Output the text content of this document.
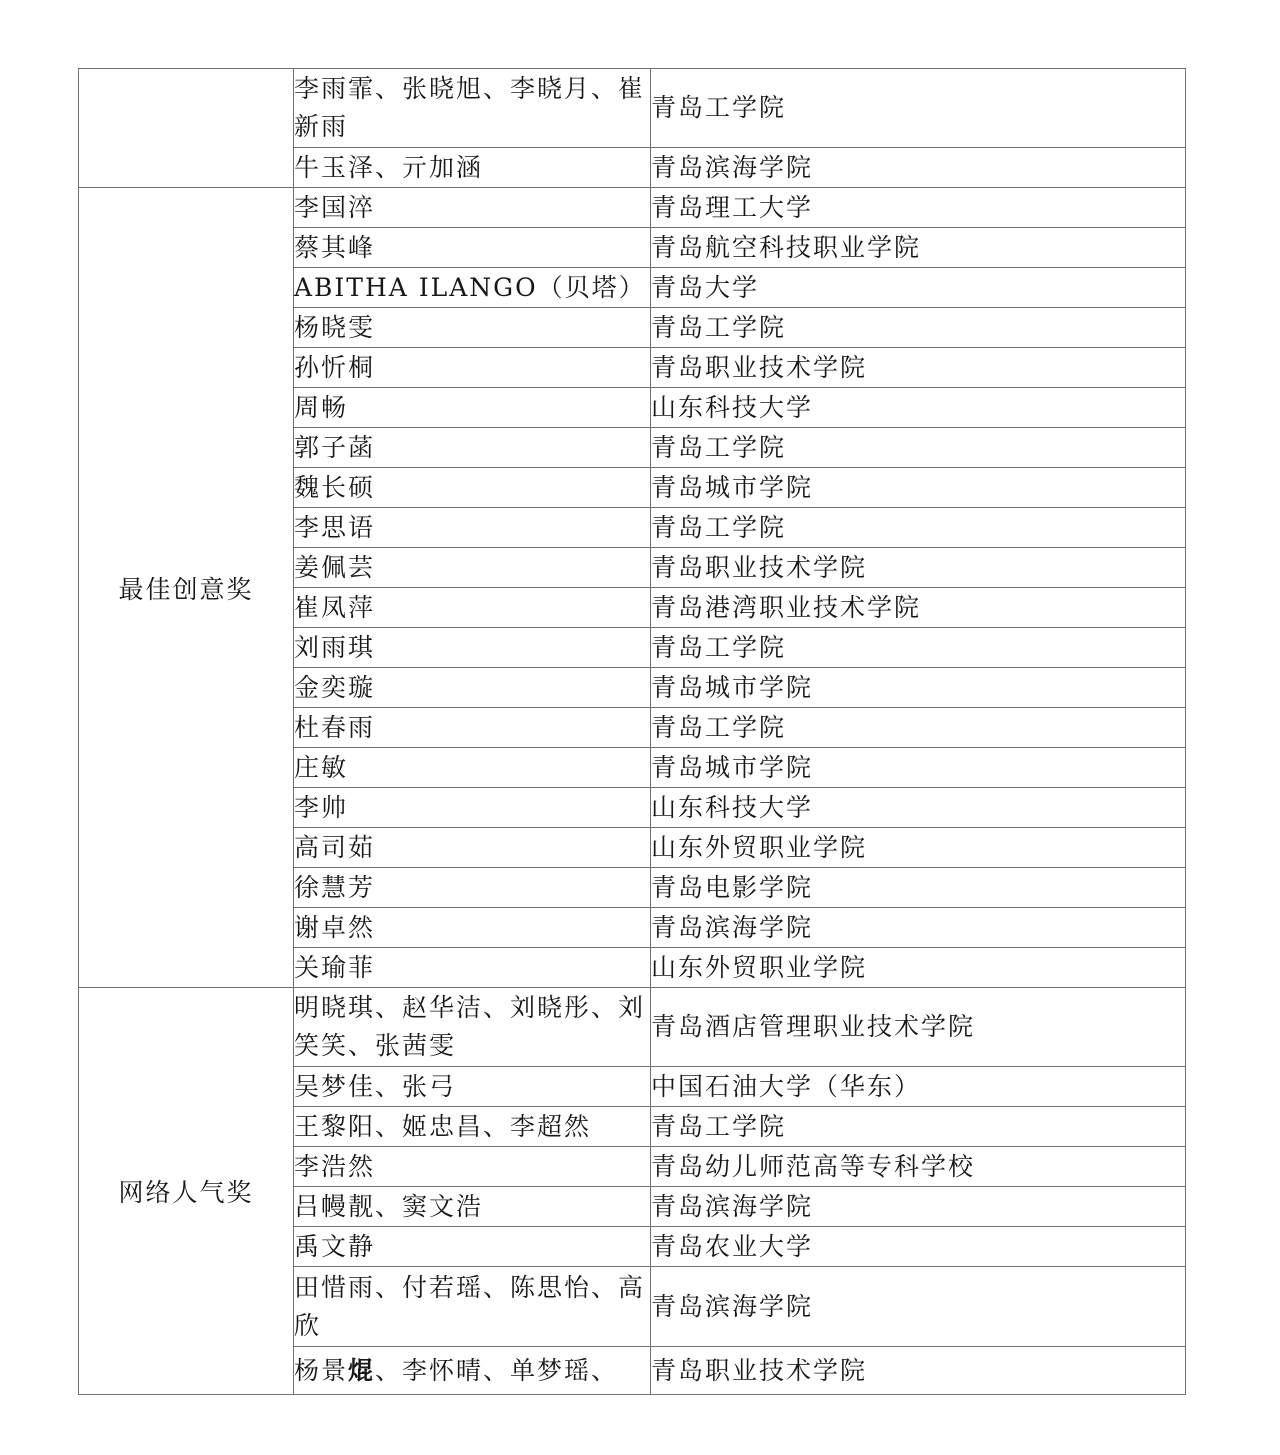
	李雨霏、张晓旭、李晓月、崔新雨	青岛工学院
	牛玉泽、亓加涵	青岛滨海学院
最佳创意奖	李国淬	青岛理工大学
	蔡其峰	青岛航空科技职业学院
	ABITHA ILANGO（贝塔）	青岛大学
	杨晓雯	青岛工学院
	孙忻桐	青岛职业技术学院
	周畅	山东科技大学
	郭子菡	青岛工学院
	魏长硕	青岛城市学院
	李思语	青岛工学院
	姜佩芸	青岛职业技术学院
	崔凤萍	青岛港湾职业技术学院
	刘雨琪	青岛工学院
	金奕璇	青岛城市学院
	杜春雨	青岛工学院
	庄敏	青岛城市学院
	李帅	山东科技大学
	高司茹	山东外贸职业学院
	徐慧芳	青岛电影学院
	谢卓然	青岛滨海学院
	关瑜菲	山东外贸职业学院
网络人气奖	明晓琪、赵华洁、刘晓彤、刘笑笑、张茜雯	青岛酒店管理职业技术学院
	吴梦佳、张弓	中国石油大学（华东）
	王黎阳、姬忠昌、李超然	青岛工学院
	李浩然	青岛幼儿师范高等专科学校
	吕幔靓、窦文浩	青岛滨海学院
	禹文静	青岛农业大学
	田惜雨、付若瑶、陈思怡、高欣	青岛滨海学院
	杨景焜、李怀晴、单梦瑶、	青岛职业技术学院
